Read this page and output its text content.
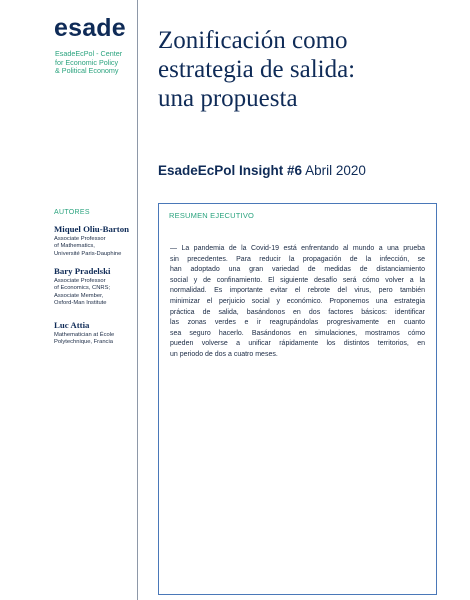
esade
EsadeEcPol - Center
for Economic Policy
& Political Economy
Zonificación como
estrategia de salida:
una propuesta
EsadeEcPol Insight #6 Abril 2020
AUTORES
Miquel Oliu-Barton
Associate Professor
of Mathematics,
Université Paris-Dauphine
Bary Pradelski
Associate Professor
of Economics, CNRS;
Associate Member,
Oxford-Man Institute
Luc Attia
Mathematician at École
Polytechnique, Francia
RESUMEN EJECUTIVO
— La pandemia de la Covid-19 está enfrentando al mundo a una prueba
sin precedentes. Para reducir la propagación de la infección, se
han adoptado una gran variedad de medidas de distanciamiento
social y de confinamiento. El siguiente desafío será cómo volver a la
normalidad. Es importante evitar el rebrote del virus, pero también
minimizar el perjuicio social y económico. Proponemos una estrategia
práctica de salida, basándonos en dos factores básicos: identificar
las zonas verdes e ir reagrupándolas progresivamente en cuanto
sea seguro hacerlo. Basándonos en simulaciones, mostramos cómo
pueden volverse a unificar rápidamente los distintos territorios, en
un periodo de dos a cuatro meses.
